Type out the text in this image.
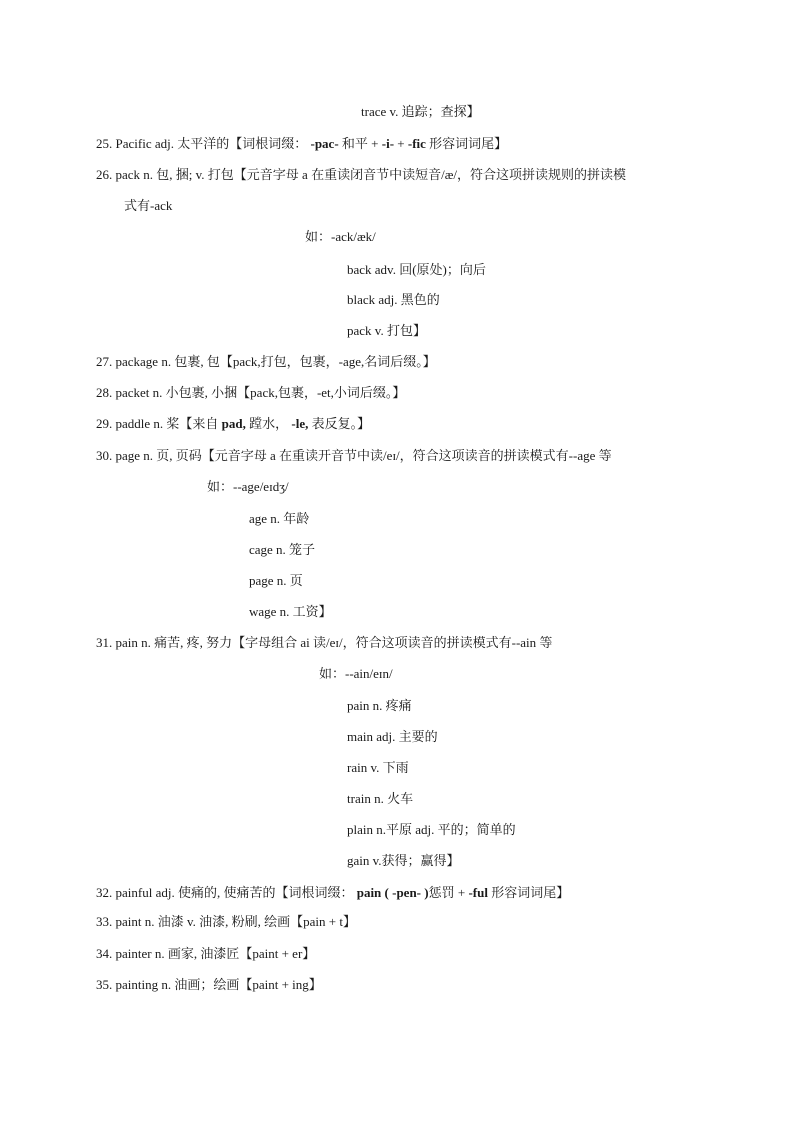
trace v. 追踪；查探】
25. Pacific adj. 太平洋的【词根词缀： -pac- 和平 + -i- + -fic 形容词词尾】
26. pack n. 包, 捆; v. 打包【元音字母 a 在重读闭音节中读短音/æ/，符合这项拼读规则的拼读模
式有-ack
如：-ack/æk/
back adv. 回(原处)；向后
black adj. 黑色的
pack v. 打包】
27. package n. 包裹, 包【pack,打包，包裹，-age,名词后缀。】
28. packet n. 小包裹, 小捆【pack,包裹，-et,小词后缀。】
29. paddle n. 桨【来自 pad, 蹚水， -le, 表反复。】
30. page n. 页, 页码【元音字母 a 在重读开音节中读/eɪ/，符合这项读音的拼读模式有--age 等
如：--age/eɪdʒ/
age n. 年龄
cage n. 笼子
page n. 页
wage n. 工资】
31. pain n. 痛苦, 疼, 努力【字母组合 ai 读/eɪ/，符合这项读音的拼读模式有--ain 等
如：--ain/eɪn/
pain n. 疼痛
main adj. 主要的
rain v. 下雨
train n. 火车
plain n.平原 adj. 平的；简单的
gain v.获得；赢得】
32. painful adj. 使痛的, 使痛苦的【词根词缀： pain ( -pen- )惩罚 + -ful 形容词词尾】
33. paint n. 油漆 v. 油漆, 粉刷, 绘画【pain + t】
34. painter n. 画家, 油漆匠【paint + er】
35. painting n. 油画；绘画【paint + ing】
